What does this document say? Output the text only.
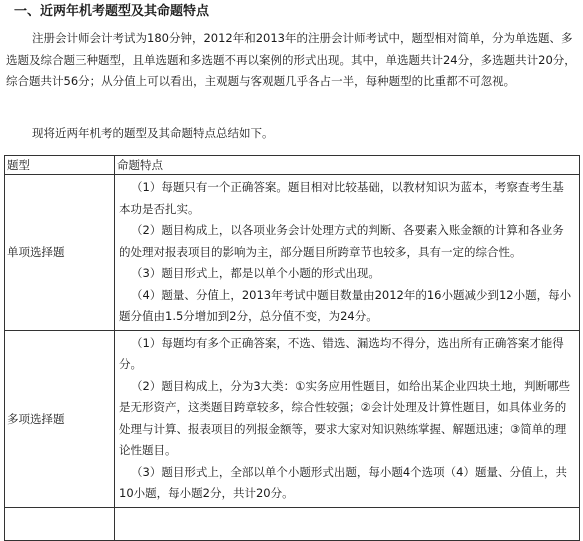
一、近两年机考题型及其命题特点

注册会计师会计考试为180分钟，2012年和2013年的注册会计师考试中，题型相对简单，分为单选题、多选题及综合题三种题型，且单选题和多选题不再以案例的形式出现。其中，单选题共计24分，多选题共计20分，综合题共计56分；从分值上可以看出，主观题与客观题几乎各占一半，每种题型的比重都不可忽视。

现将近两年机考的题型及其命题特点总结如下。

题型	命题特点
单项选择题	（1）每题只有一个正确答案。题目相对比较基础，以教材知识为蓝本，考察查考生基本功是否扎实。

（2）题目构成上，以各项业务会计处理方式的判断、各要素入账金额的计算和各业务的处理对报表项目的影响为主，部分题目所跨章节也较多，具有一定的综合性。

（3）题目形式上，都是以单个小题的形式出现。

（4）题量、分值上，2013年考试中题目数量由2012年的16小题减少到12小题，每小题分值由1.5分增加到2分，总分值不变，为24分。

多项选择题	（1）每题均有多个正确答案，不选、错选、漏选均不得分，选出所有正确答案才能得分。

（2）题目构成上，分为3大类：①实务应用性题目，如给出某企业四块土地，判断哪些是无形资产，这类题目跨章较多，综合性较强；②会计处理及计算性题目，如具体业务的处理与计算、报表项目的列报金额等，要求大家对知识熟练掌握、解题迅速；③简单的理论性题目。

（3）题目形式上，全部以单个小题形式出题，每小题4个选项（4）题量、分值上，共10小题，每小题2分，共计20分。
